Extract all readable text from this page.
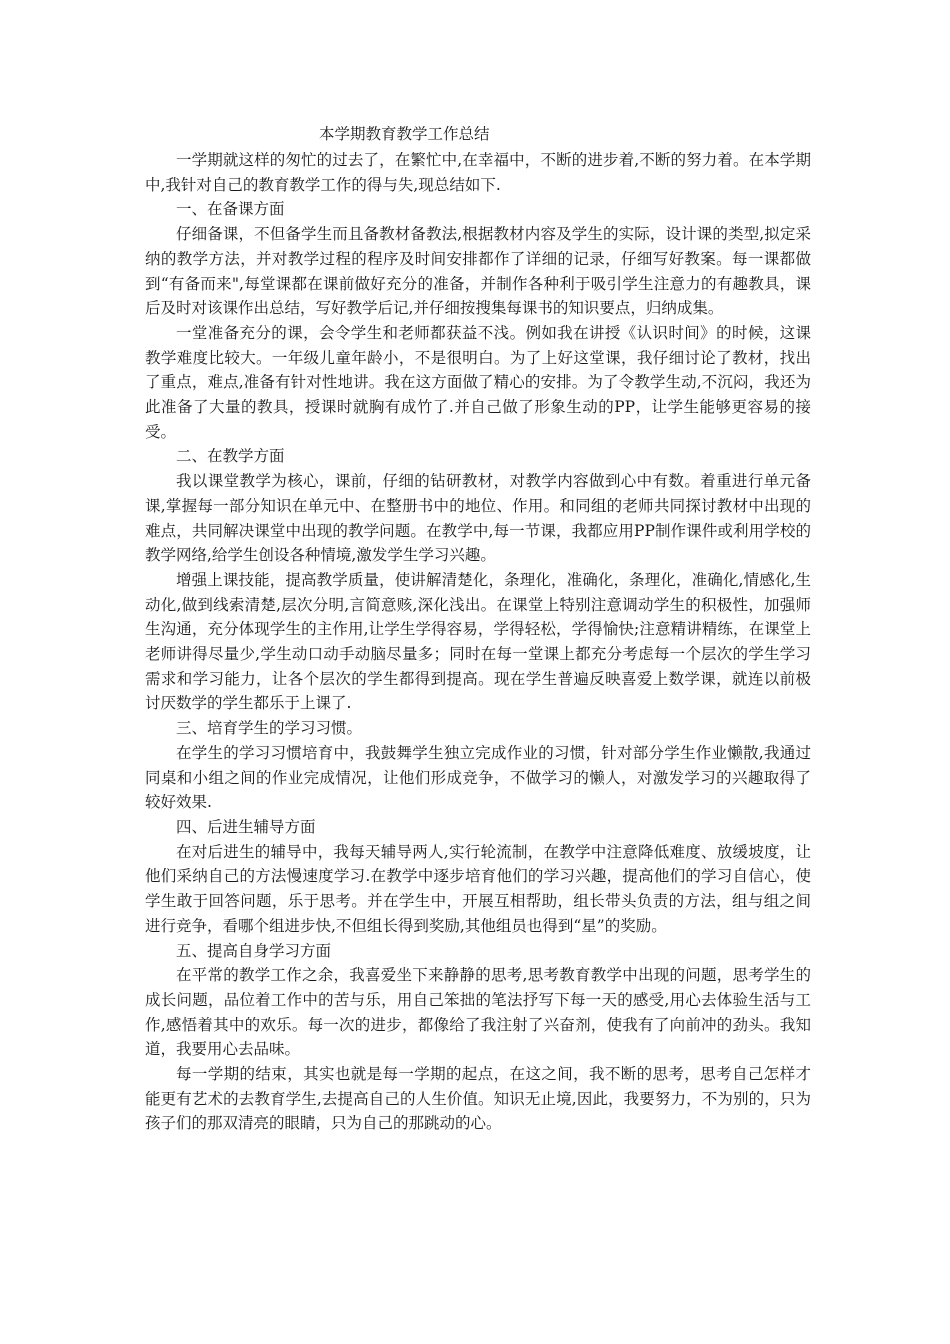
本学期教育教学工作总结

一学期就这样的匆忙的过去了，在繁忙中,在幸福中，不断的进步着,不断的努力着。在本学期中,我针对自己的教育教学工作的得与失,现总结如下.

一、在备课方面

仔细备课，不但备学生而且备教材备教法,根据教材内容及学生的实际，设计课的类型,拟定采纳的教学方法，并对教学过程的程序及时间安排都作了详细的记录，仔细写好教案。每一课都做到“有备而来",每堂课都在课前做好充分的准备，并制作各种利于吸引学生注意力的有趣教具，课后及时对该课作出总结，写好教学后记,并仔细按搜集每课书的知识要点，归纳成集。

一堂准备充分的课，会令学生和老师都获益不浅。例如我在讲授《认识时间》的时候，这课教学难度比较大。一年级儿童年龄小，不是很明白。为了上好这堂课，我仔细讨论了教材，找出了重点，难点,准备有针对性地讲。我在这方面做了精心的安排。为了令教学生动,不沉闷，我还为此准备了大量的教具，授课时就胸有成竹了.并自己做了形象生动的PP，让学生能够更容易的接受。

二、在教学方面

我以课堂教学为核心，课前，仔细的钻研教材，对教学内容做到心中有数。着重进行单元备课,掌握每一部分知识在单元中、在整册书中的地位、作用。和同组的老师共同探讨教材中出现的难点，共同解决课堂中出现的教学问题。在教学中,每一节课，我都应用PP制作课件或利用学校的教学网络,给学生创设各种情境,激发学生学习兴趣。

增强上课技能，提高教学质量，使讲解清楚化，条理化，准确化，条理化，准确化,情感化,生动化,做到线索清楚,层次分明,言简意赅,深化浅出。在课堂上特别注意调动学生的积极性，加强师生沟通，充分体现学生的主作用,让学生学得容易，学得轻松，学得愉快;注意精讲精练，在课堂上老师讲得尽量少,学生动口动手动脑尽量多；同时在每一堂课上都充分考虑每一个层次的学生学习需求和学习能力，让各个层次的学生都得到提高。现在学生普遍反映喜爱上数学课，就连以前极讨厌数学的学生都乐于上课了.

三、培育学生的学习习惯。

在学生的学习习惯培育中，我鼓舞学生独立完成作业的习惯，针对部分学生作业懒散,我通过同桌和小组之间的作业完成情况，让他们形成竞争，不做学习的懒人，对激发学习的兴趣取得了较好效果.

四、后进生辅导方面

在对后进生的辅导中，我每天辅导两人,实行轮流制，在教学中注意降低难度、放缓坡度，让他们采纳自己的方法慢速度学习.在教学中逐步培育他们的学习兴趣，提高他们的学习自信心，使学生敢于回答问题，乐于思考。并在学生中，开展互相帮助，组长带头负责的方法，组与组之间进行竞争，看哪个组进步快,不但组长得到奖励,其他组员也得到“星”的奖励。

五、提高自身学习方面

在平常的教学工作之余，我喜爱坐下来静静的思考,思考教育教学中出现的问题，思考学生的成长问题，品位着工作中的苦与乐，用自己笨拙的笔法抒写下每一天的感受,用心去体验生活与工作,感悟着其中的欢乐。每一次的进步，都像给了我注射了兴奋剂，使我有了向前冲的劲头。我知道，我要用心去品味。

每一学期的结束，其实也就是每一学期的起点，在这之间，我不断的思考，思考自己怎样才能更有艺术的去教育学生,去提高自己的人生价值。知识无止境,因此，我要努力，不为别的，只为孩子们的那双清亮的眼睛，只为自己的那跳动的心。
